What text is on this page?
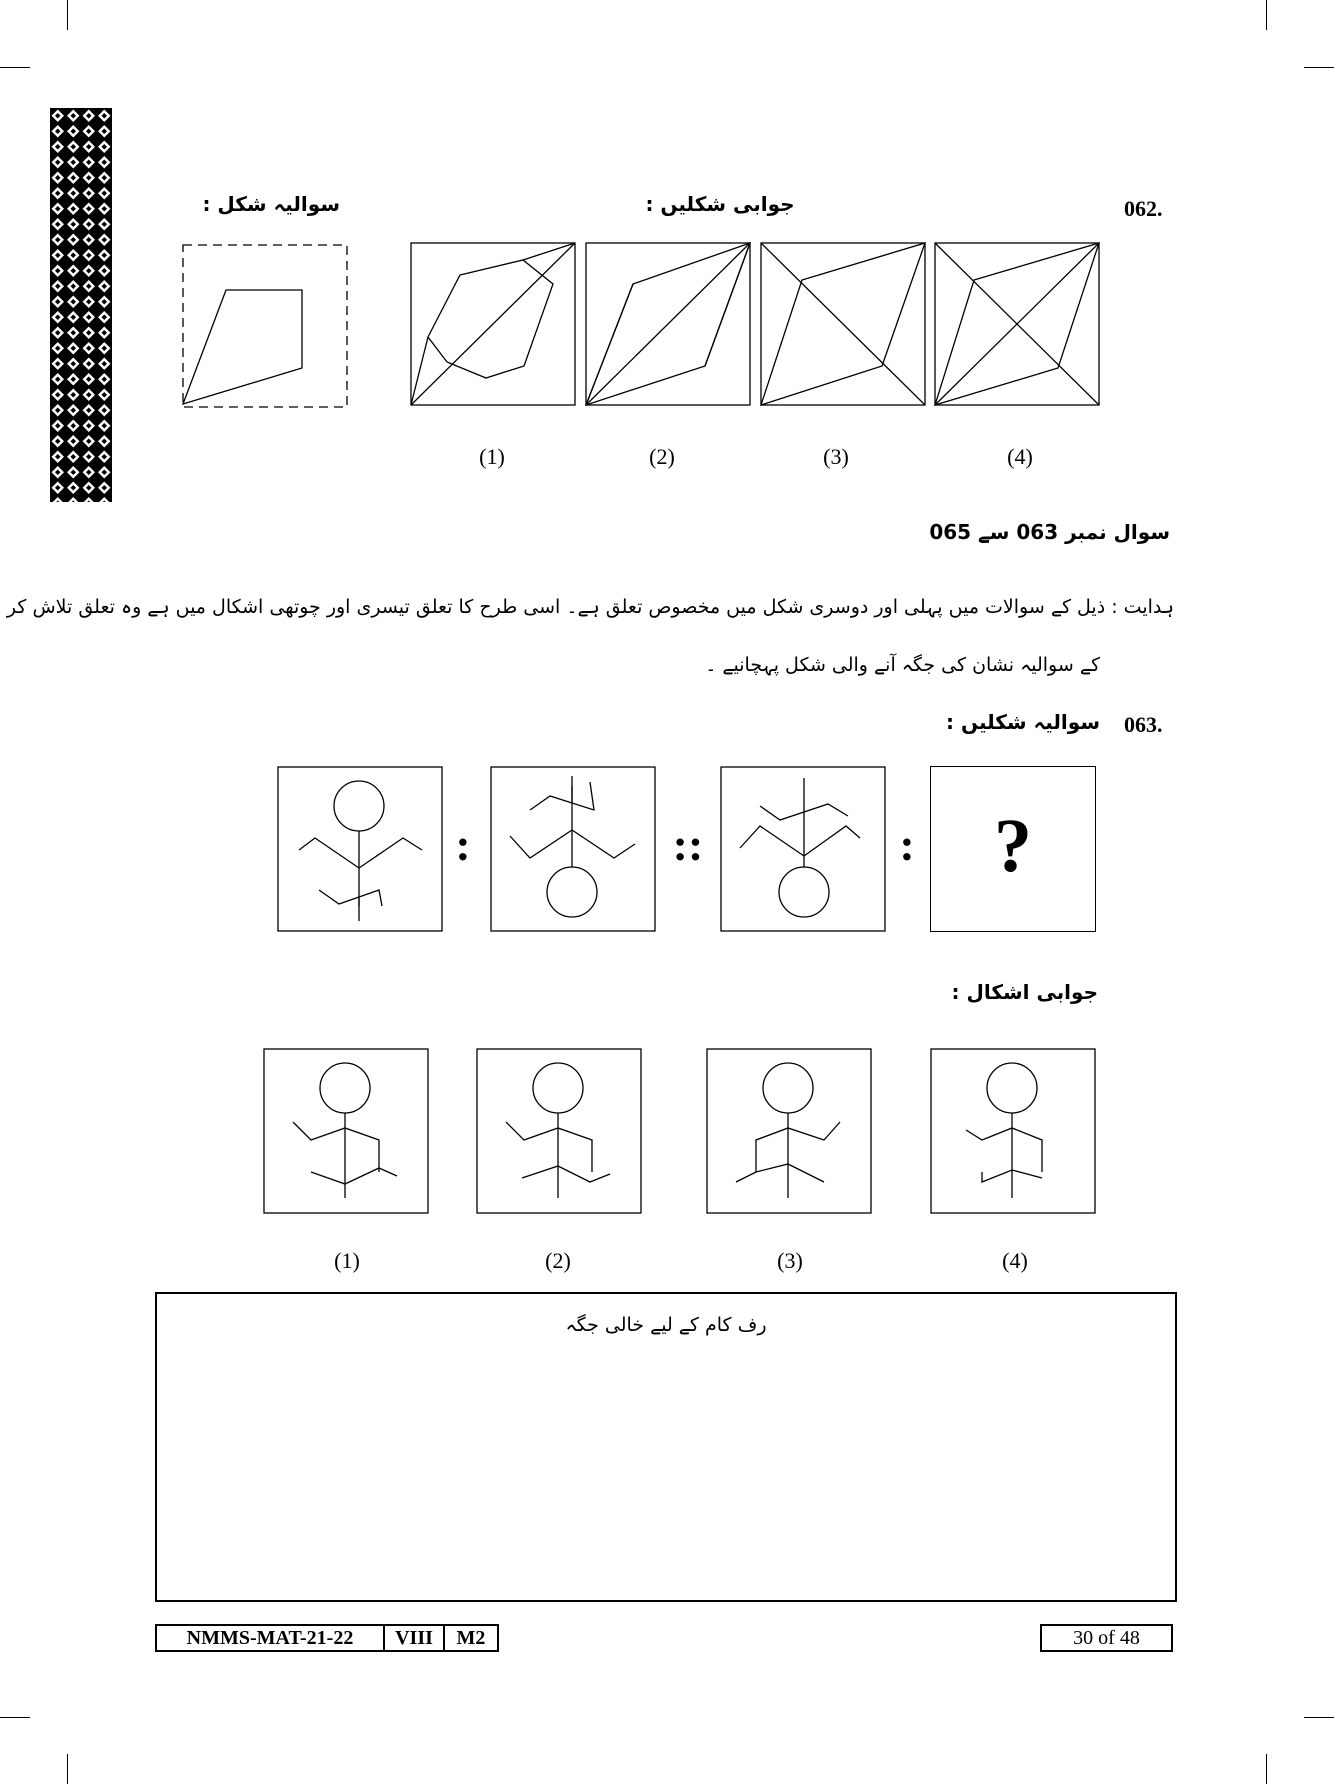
062.
سوالیہ شکل :	جوابی شکلیں :
(1)	(2)	(3)	(4)
سوال نمبر 063 سے 065
ہدایت : ذیل کے سوالات میں پہلی اور دوسری شکل میں مخصوص تعلق ہے۔ اسی طرح کا تعلق تیسری اور چوتھی اشکال میں ہے وہ تعلق تلاش کر
کے سوالیہ نشان کی جگہ آنے والی شکل پہچانیے ۔
063.
سوالیہ شکلیں :
:	::	:	?
جوابی اشکال :
(1)	(2)	(3)	(4)
رف کام کے لیے خالی جگہ
NMMS-MAT-21-22	VIII	M2	30 of 48
